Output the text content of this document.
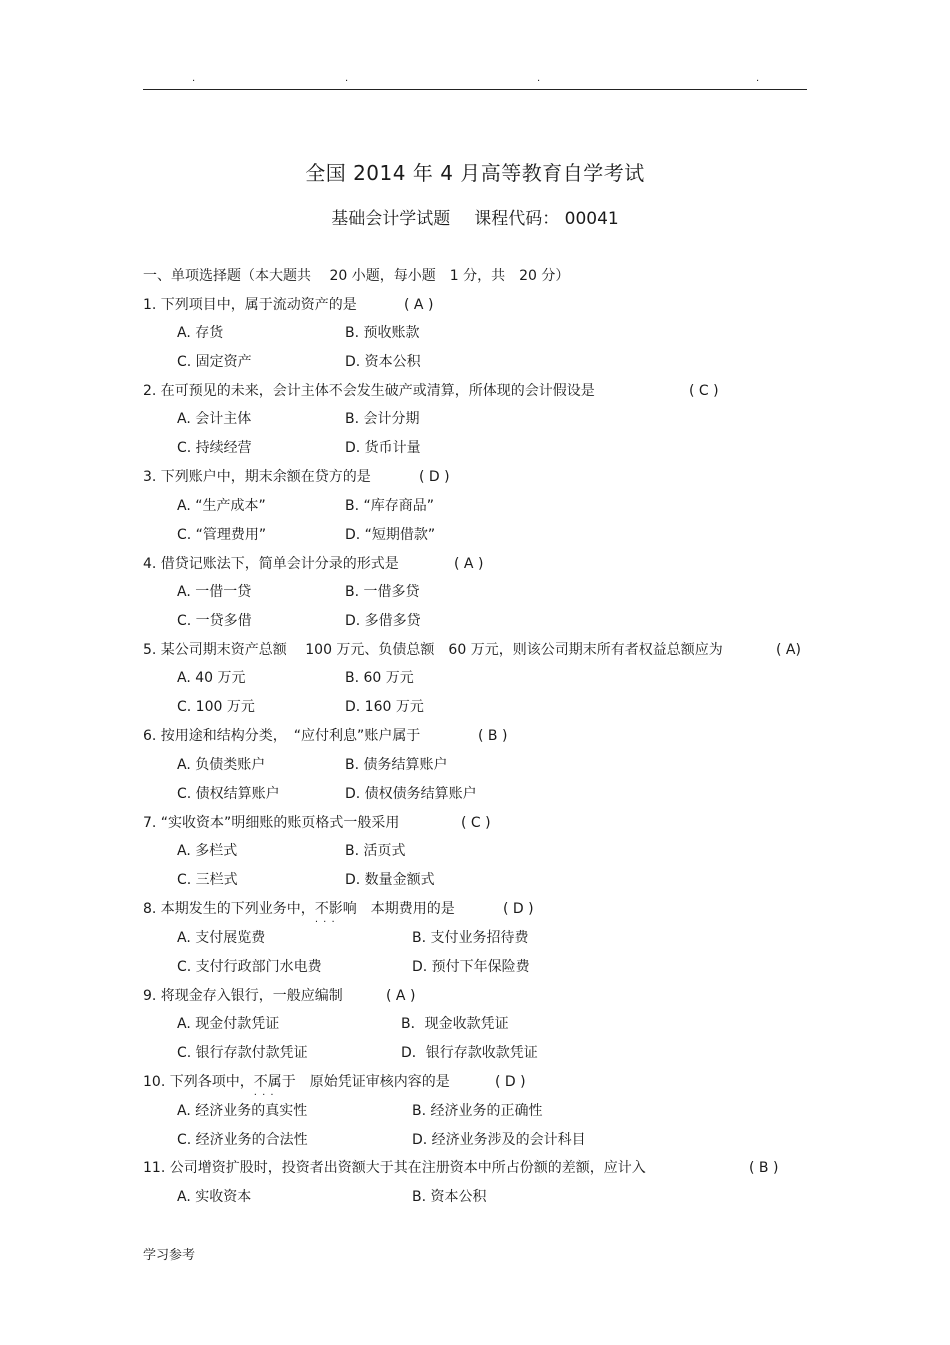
.	.	.	.
全国 2014 年 4 月高等教育自学考试
基础会计学试题 课程代码： 00041
一、单项选择题（本大题共　 20 小题，每小题　1 分，共　20 分）
1. 下列项目中，属于流动资产的是	( A )
A. 存货	B. 预收账款
C. 固定资产	D. 资本公积
2. 在可预见的未来，会计主体不会发生破产或清算，所体现的会计假设是	( C )
A. 会计主体	B. 会计分期
C. 持续经营	D. 货币计量
3. 下列账户中，期末余额在贷方的是	( D )
A. “生产成本”	B. “库存商品”
C. “管理费用”	D. “短期借款”
4. 借贷记账法下，简单会计分录的形式是	( A )
A. 一借一贷	B. 一借多贷
C. 一贷多借	D. 多借多贷
5. 某公司期末资产总额　 100 万元、负债总额　60 万元，则该公司期末所有者权益总额应为	( A)
A. 40 万元	B. 60 万元
C. 100 万元	D. 160 万元
6. 按用途和结构分类，　“应付利息”账户属于	( B )
A. 负债类账户	B. 债务结算账户
C. 债权结算账户	D. 债权债务结算账户
7. “实收资本”明细账的账页格式一般采用	( C )
A. 多栏式	B. 活页式
C. 三栏式	D. 数量金额式
8. 本期发生的下列业务中，不影响 · · ·　本期费用的是	( D )
A. 支付展览费	B. 支付业务招待费
C. 支付行政部门水电费	D. 预付下年保险费
9. 将现金存入银行，一般应编制	( A )
A. 现金付款凭证	B．现金收款凭证
C. 银行存款付款凭证	D．银行存款收款凭证
10. 下列各项中，不属于 · · ·　原始凭证审核内容的是	( D )
A. 经济业务的真实性	B. 经济业务的正确性
C. 经济业务的合法性	D. 经济业务涉及的会计科目
11. 公司增资扩股时，投资者出资额大于其在注册资本中所占份额的差额，应计入	( B )
A. 实收资本	B. 资本公积
学习参考
